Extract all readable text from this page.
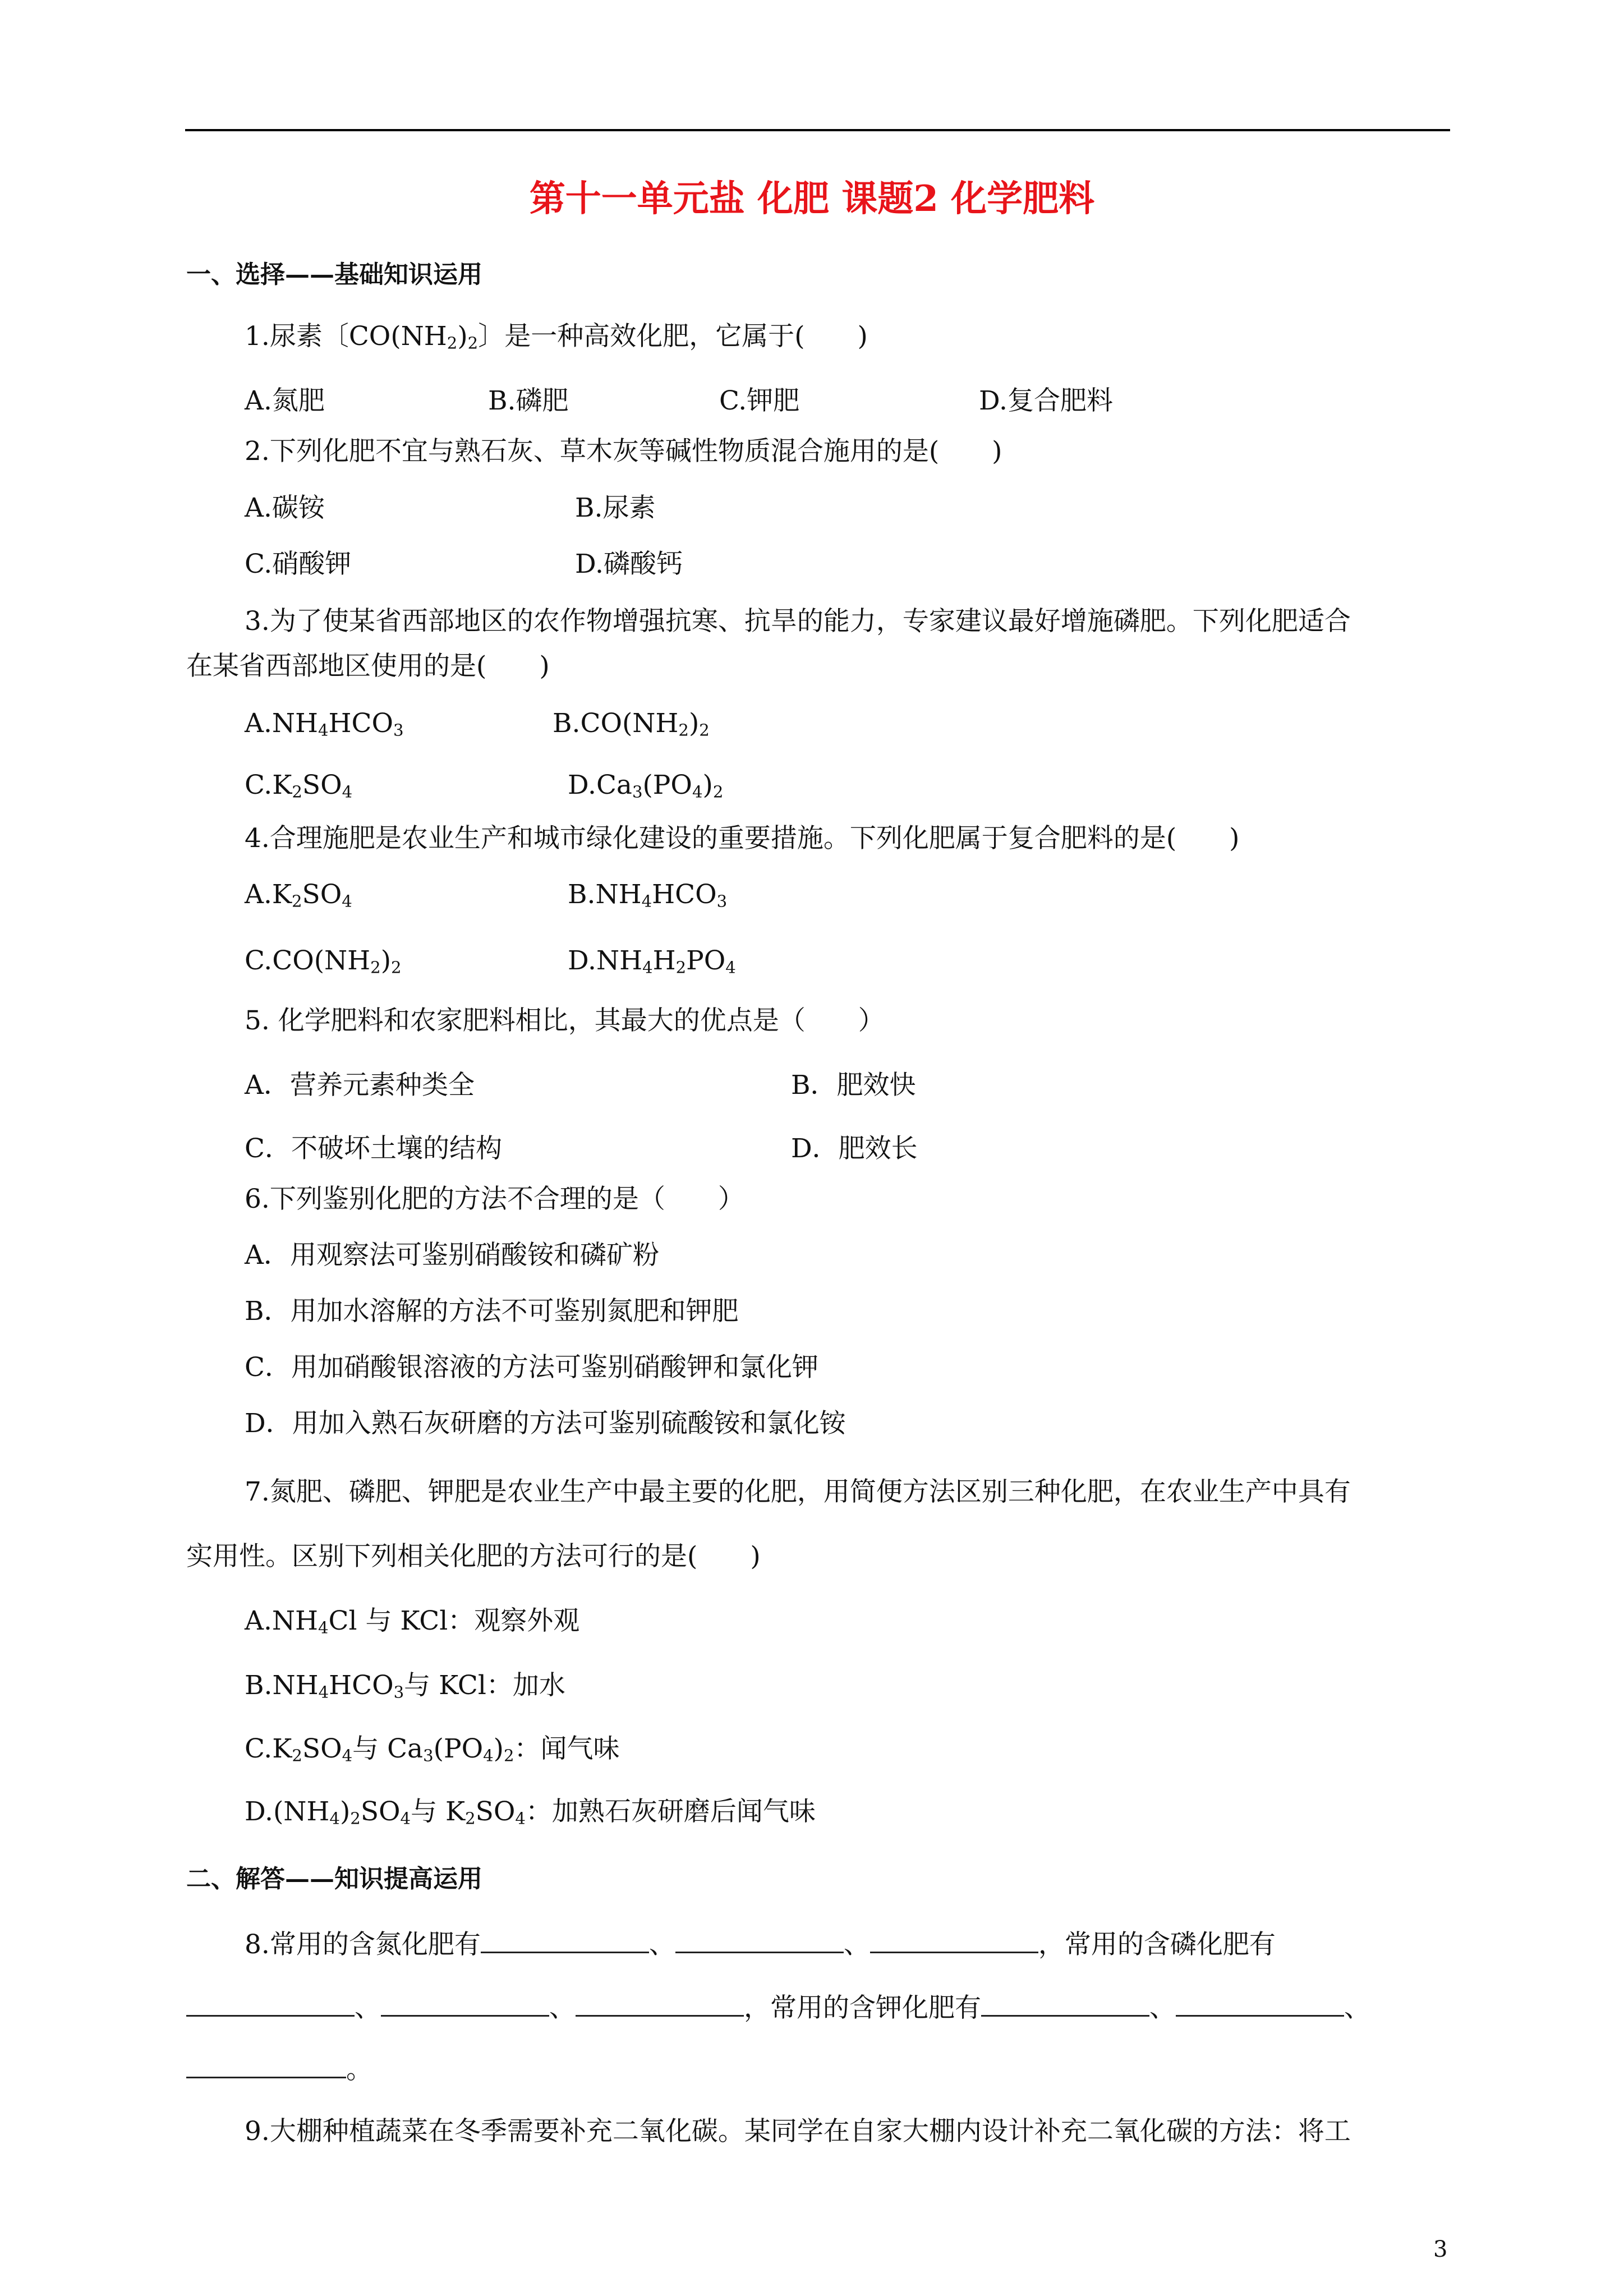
第十一单元盐 化肥 课题2 化学肥料
一、选择——基础知识运用
1.尿素〔$CO(NH_2)_2$〕是一种高效化肥，它属于(　　)
A.氮肥	B.磷肥	C.钾肥	D.复合肥料
2.下列化肥不宜与熟石灰、草木灰等碱性物质混合施用的是(　　)
A.碳铵	B.尿素
C.硝酸钾	D.磷酸钙
3.为了使某省西部地区的农作物增强抗寒、抗旱的能力，专家建议最好增施磷肥。下列化肥适合
在某省西部地区使用的是(　　)
$A.NH_4HCO_3$	$B.CO(NH_2)_2$
$C.K_2SO_4$	$D.Ca_3(PO_4)_2$
4.合理施肥是农业生产和城市绿化建设的重要措施。下列化肥属于复合肥料的是(　　)
$A.K_2SO_4$	$B.NH_4HCO_3$
$C.CO(NH_2)_2$	$D.NH_4H_2PO_4$
5. 化学肥料和农家肥料相比，其最大的优点是（　　）
A．营养元素种类全	B．肥效快
C．不破坏土壤的结构	D．肥效长
6.下列鉴别化肥的方法不合理的是（　　）
A．用观察法可鉴别硝酸铵和磷矿粉
B．用加水溶解的方法不可鉴别氮肥和钾肥
C．用加硝酸银溶液的方法可鉴别硝酸钾和氯化钾
D．用加入熟石灰研磨的方法可鉴别硫酸铵和氯化铵
7.氮肥、磷肥、钾肥是农业生产中最主要的化肥，用简便方法区别三种化肥，在农业生产中具有
实用性。区别下列相关化肥的方法可行的是(　　)
$A.NH_4Cl$ 与 KCl：观察外观
$B.NH_4HCO_3$与 KCl：加水
$C.K_2SO_4$与 $Ca_3(PO_4)_2$：闻气味
$D.(NH_4)_2SO_4$与 $K_2SO_4$：加熟石灰研磨后闻气味
二、解答——知识提高运用
8.常用的含氮化肥有	、	、	，常用的含磷化肥有
、	、	，常用的含钾化肥有	、	、
。
9.大棚种植蔬菜在冬季需要补充二氧化碳。某同学在自家大棚内设计补充二氧化碳的方法：将工
3
